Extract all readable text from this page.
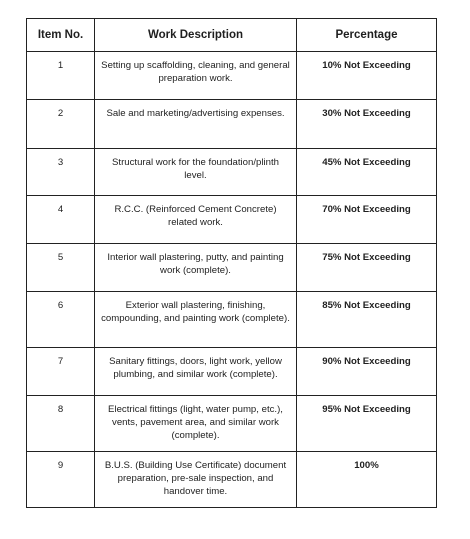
Item No.	Work Description	Percentage
1	Setting up scaffolding, cleaning, and general preparation work.	10% Not Exceeding
2	Sale and marketing/advertising expenses.	30% Not Exceeding
3	Structural work for the foundation/plinth level.	45% Not Exceeding
4	R.C.C. (Reinforced Cement Concrete) related work.	70% Not Exceeding
5	Interior wall plastering, putty, and painting work (complete).	75% Not Exceeding
6	Exterior wall plastering, finishing, compounding, and painting work (complete).	85% Not Exceeding
7	Sanitary fittings, doors, light work, yellow plumbing, and similar work (complete).	90% Not Exceeding
8	Electrical fittings (light, water pump, etc.), vents, pavement area, and similar work (complete).	95% Not Exceeding
9	B.U.S. (Building Use Certificate) document preparation, pre-sale inspection, and handover time.	100%
